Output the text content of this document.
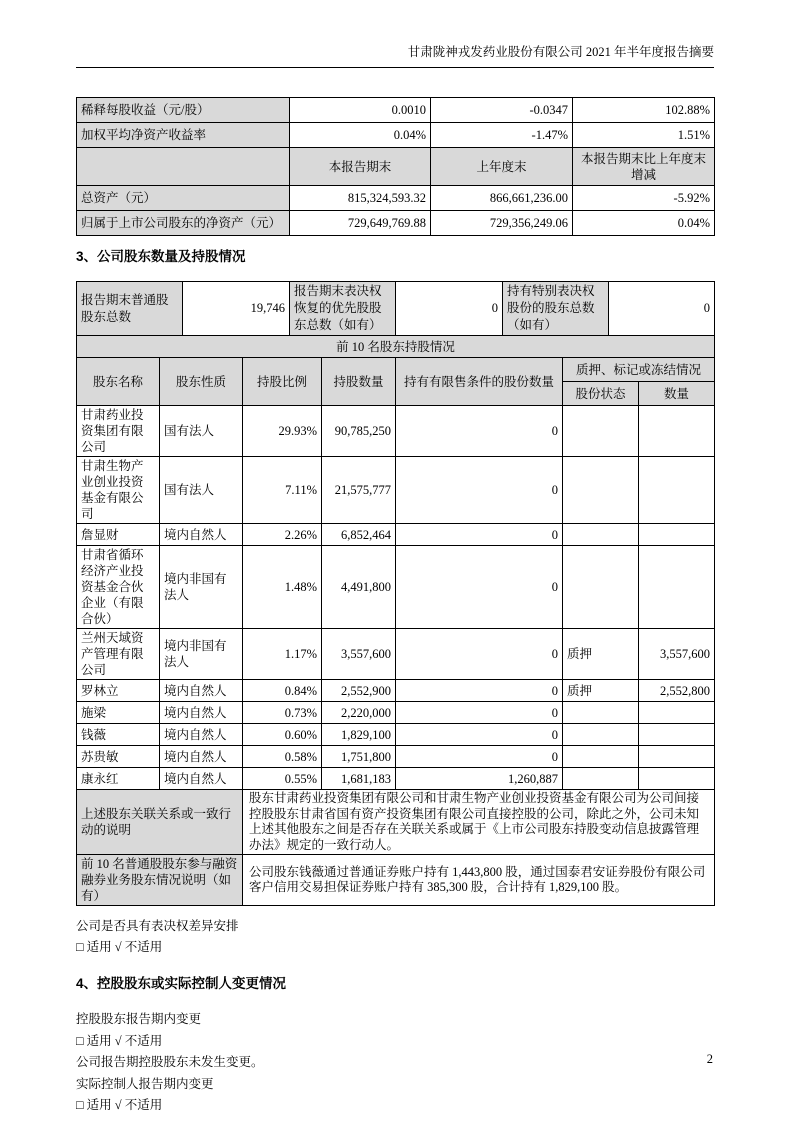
甘肃陇神戎发药业股份有限公司 2021 年半年度报告摘要
稀释每股收益（元/股）	0.0010	-0.0347	102.88%
加权平均净资产收益率	0.04%	-1.47%	1.51%
	本报告期末	上年度末	本报告期末比上年度末增减
总资产（元）	815,324,593.32	866,661,236.00	-5.92%
归属于上市公司股东的净资产（元）	729,649,769.88	729,356,249.06	0.04%
3、公司股东数量及持股情况
报告期末普通股股东总数	19,746	报告期末表决权恢复的优先股股东总数（如有）	0	持有特别表决权股份的股东总数（如有）	0
前 10 名股东持股情况						
股东名称	股东性质	持股比例	持股数量	持有有限售条件的股份数量	质押、标记或冻结情况	
					股份状态	数量
甘肃药业投资集团有限公司	国有法人	29.93%	90,785,250	0		
甘肃生物产业创业投资基金有限公司	国有法人	7.11%	21,575,777	0		
詹显财	境内自然人	2.26%	6,852,464	0		
甘肃省循环经济产业投资基金合伙企业（有限合伙）	境内非国有法人	1.48%	4,491,800	0		
兰州天域资产管理有限公司	境内非国有法人	1.17%	3,557,600	0	质押	3,557,600
罗林立	境内自然人	0.84%	2,552,900	0	质押	2,552,800
施梁	境内自然人	0.73%	2,220,000	0		
钱薇	境内自然人	0.60%	1,829,100	0		
苏贵敏	境内自然人	0.58%	1,751,800	0		
康永红	境内自然人	0.55%	1,681,183	1,260,887		
上述股东关联关系或一致行动的说明		股东甘肃药业投资集团有限公司和甘肃生物产业创业投资基金有限公司为公司间接控股股东甘肃省国有资产投资集团有限公司直接控股的公司，除此之外，公司未知上述其他股东之间是否存在关联关系或属于《上市公司股东持股变动信息披露管理办法》规定的一致行动人。				
前 10 名普通股股东参与融资融券业务股东情况说明（如有）		公司股东钱薇通过普通证券账户持有 1,443,800 股，通过国泰君安证券股份有限公司客户信用交易担保证券账户持有 385,300 股，合计持有 1,829,100 股。				

公司是否具有表决权差异安排

□ 适用 √ 不适用

4、控股股东或实际控制人变更情况

控股股东报告期内变更

□ 适用 √ 不适用

公司报告期控股股东未发生变更。

实际控制人报告期内变更

□ 适用 √ 不适用

2
